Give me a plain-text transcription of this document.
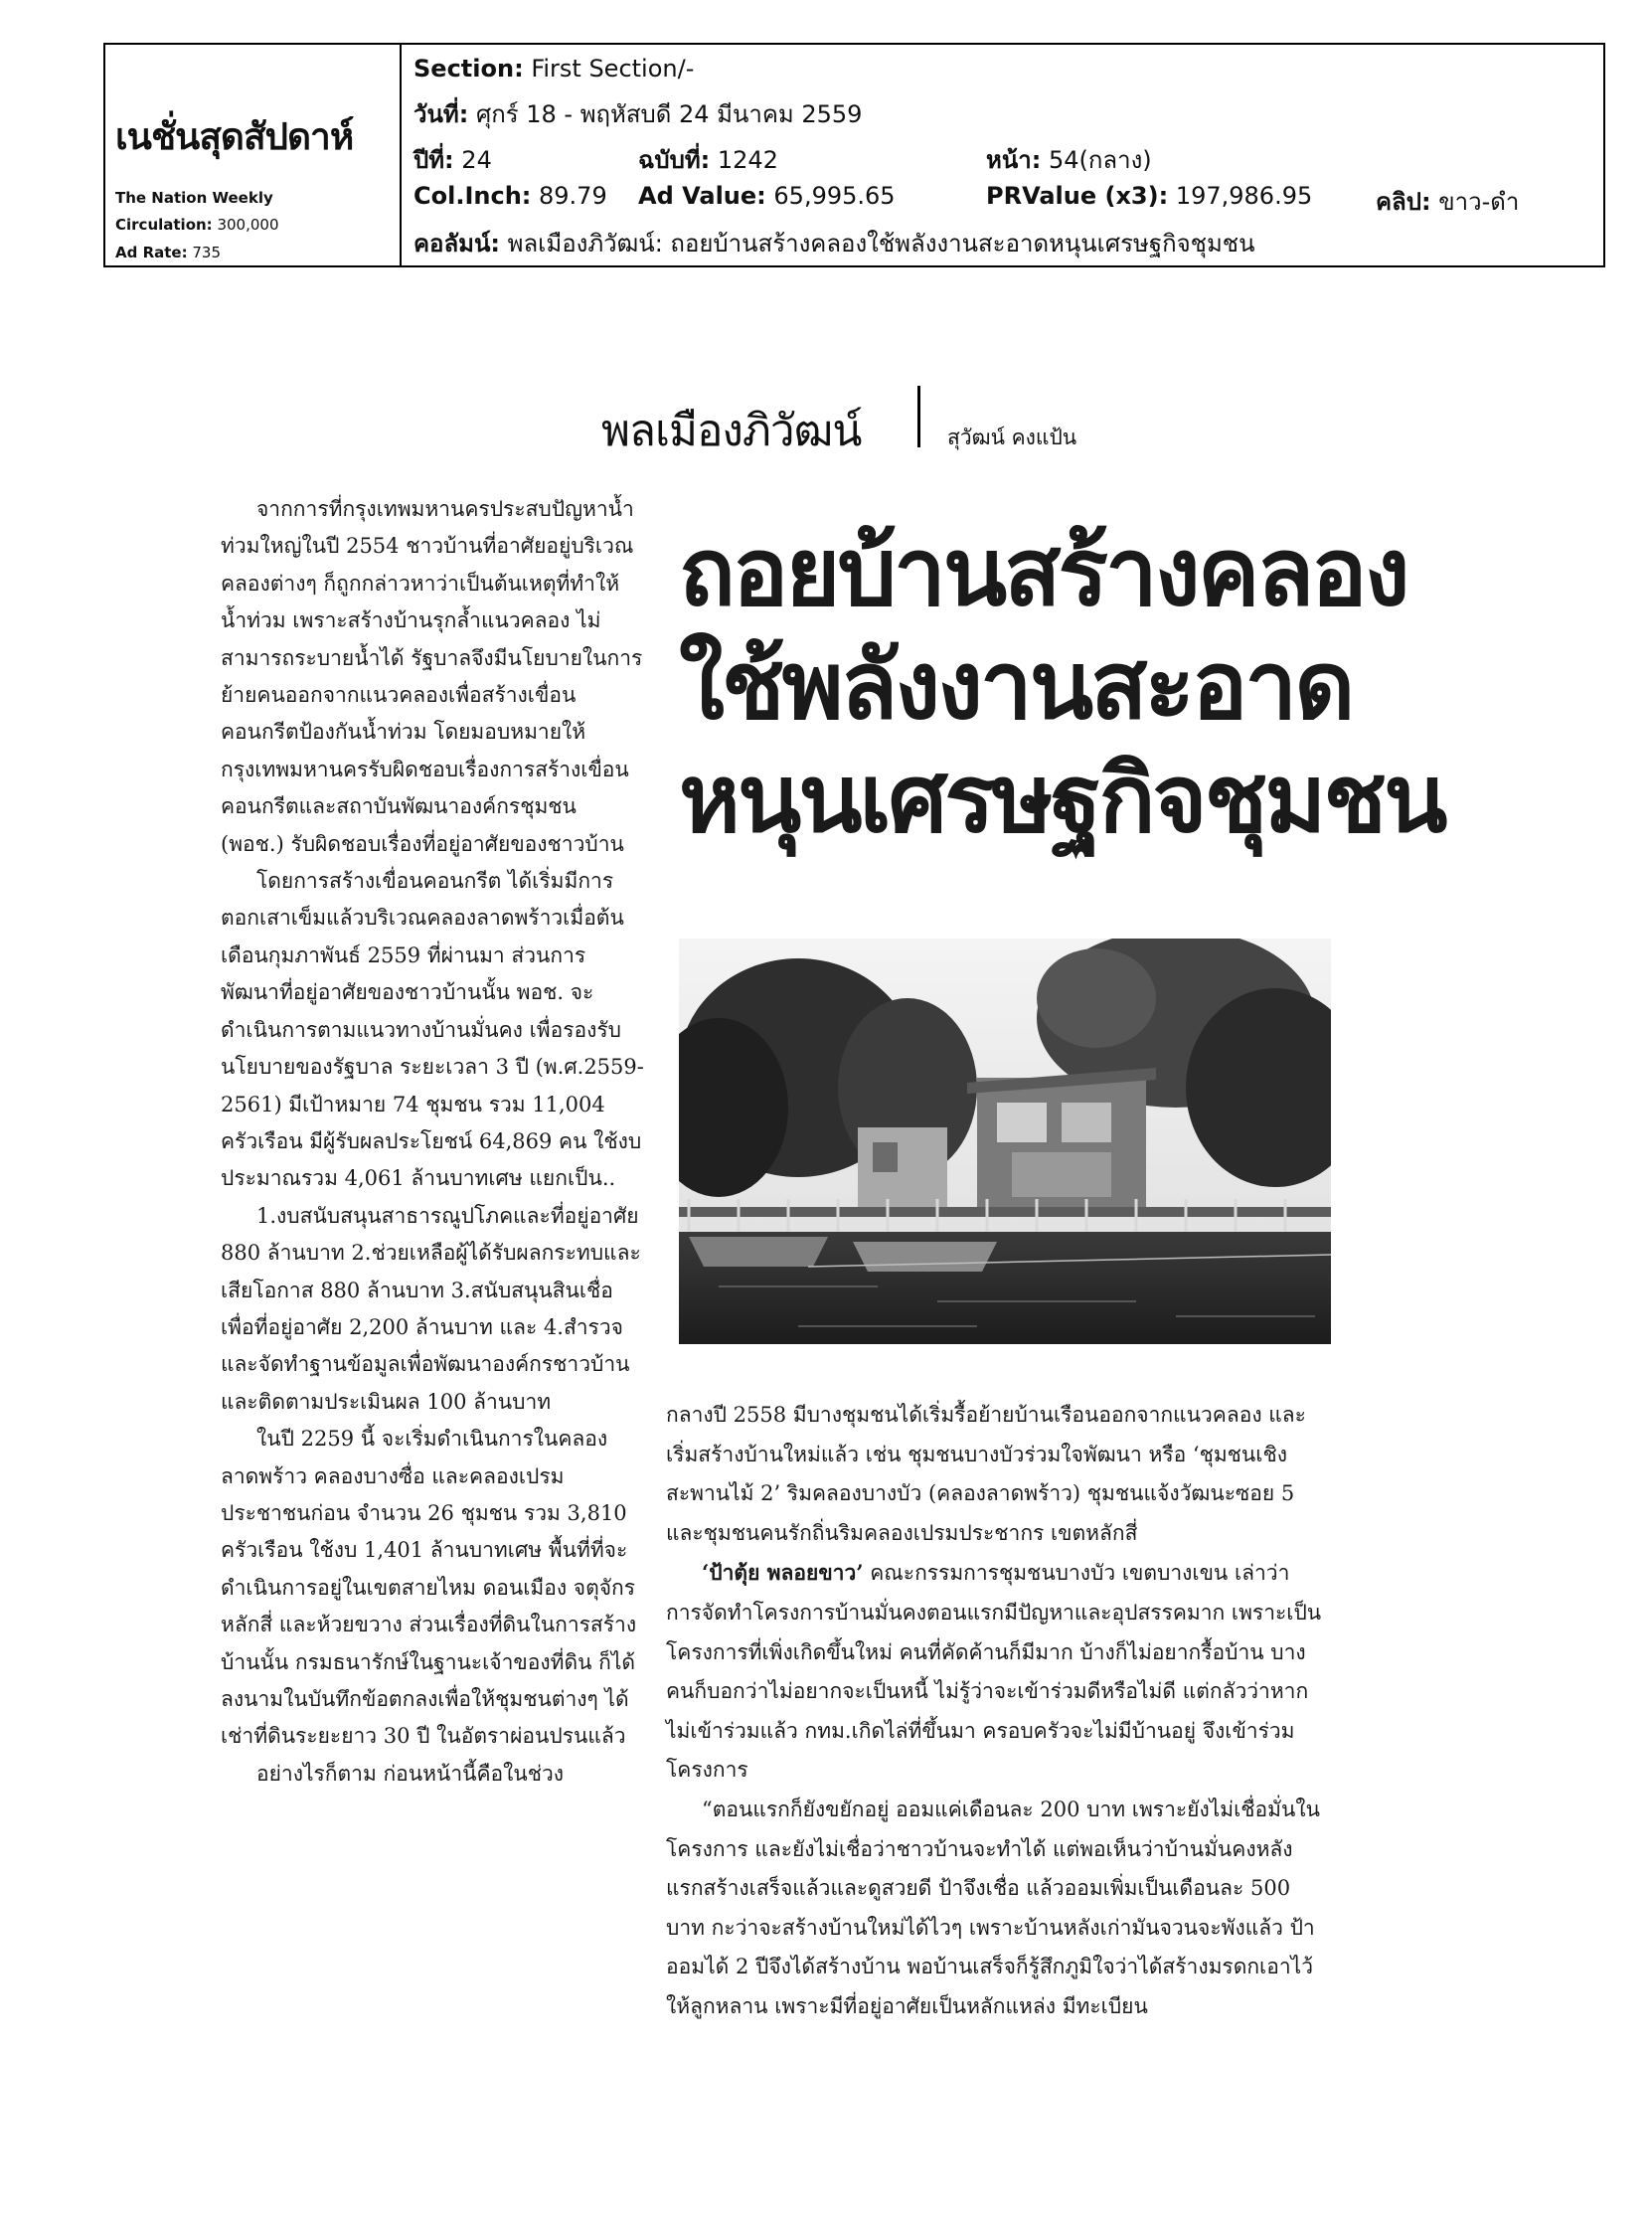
เนชั่นสุดสัปดาห์
The Nation Weekly
Circulation: 300,000
Ad Rate: 735
Section: First Section/-
วันที่: ศุกร์ 18 - พฤหัสบดี 24 มีนาคม 2559
ปีที่: 24	ฉบับที่: 1242	หน้า: 54(กลาง)
Col.Inch: 89.79 Ad Value: 65,995.65	PRValue (x3): 197,986.95	คลิป: ขาว-ดำ
คอลัมน์: พลเมืองภิวัฒน์: ถอยบ้านสร้างคลองใช้พลังงานสะอาดหนุนเศรษฐกิจชุมชน
พลเมืองภิวัฒน์	สุวัฒน์ คงแป้น
ถอยบ้านสร้างคลอง
ใช้พลังงานสะอาด
หนุนเศรษฐกิจชุมชน

จากการที่กรุงเทพมหานครประสบปัญหาน้ำท่วมใหญ่ในปี 2554 ชาวบ้านที่อาศัยอยู่บริเวณคลองต่างๆ ก็ถูกกล่าวหาว่าเป็นต้นเหตุที่ทำให้น้ำท่วม เพราะสร้างบ้านรุกล้ำแนวคลอง ไม่สามารถระบายน้ำได้ รัฐบาลจึงมีนโยบายในการย้ายคนออกจากแนวคลองเพื่อสร้างเขื่อนคอนกรีตป้องกันน้ำท่วม โดยมอบหมายให้กรุงเทพมหานครรับผิดชอบเรื่องการสร้างเขื่อนคอนกรีตและสถาบันพัฒนาองค์กรชุมชน (พอช.) รับผิดชอบเรื่องที่อยู่อาศัยของชาวบ้าน

โดยการสร้างเขื่อนคอนกรีต ได้เริ่มมีการตอกเสาเข็มแล้วบริเวณคลองลาดพร้าวเมื่อต้นเดือนกุมภาพันธ์ 2559 ที่ผ่านมา ส่วนการพัฒนาที่อยู่อาศัยของชาวบ้านนั้น พอช. จะดำเนินการตามแนวทางบ้านมั่นคง เพื่อรองรับนโยบายของรัฐบาล ระยะเวลา 3 ปี (พ.ศ.2559-2561) มีเป้าหมาย 74 ชุมชน รวม 11,004 ครัวเรือน มีผู้รับผลประโยชน์ 64,869 คน ใช้งบประมาณรวม 4,061 ล้านบาทเศษ แยกเป็น..

1.งบสนับสนุนสาธารณูปโภคและที่อยู่อาศัย 880 ล้านบาท 2.ช่วยเหลือผู้ได้รับผลกระทบและเสียโอกาส 880 ล้านบาท 3.สนับสนุนสินเชื่อเพื่อที่อยู่อาศัย 2,200 ล้านบาท และ 4.สำรวจและจัดทำฐานข้อมูลเพื่อพัฒนาองค์กรชาวบ้านและติดตามประเมินผล 100 ล้านบาท

ในปี 2259 นี้ จะเริ่มดำเนินการในคลองลาดพร้าว คลองบางซื่อ และคลองเปรมประชาชนก่อน จำนวน 26 ชุมชน รวม 3,810 ครัวเรือน ใช้งบ 1,401 ล้านบาทเศษ พื้นที่ที่จะดำเนินการอยู่ในเขตสายไหม ดอนเมือง จตุจักร หลักสี่ และห้วยขวาง ส่วนเรื่องที่ดินในการสร้างบ้านนั้น กรมธนารักษ์ในฐานะเจ้าของที่ดิน ก็ได้ลงนามในบันทึกข้อตกลงเพื่อให้ชุมชนต่างๆ ได้เช่าที่ดินระยะยาว 30 ปี ในอัตราผ่อนปรนแล้ว

อย่างไรก็ตาม ก่อนหน้านี้คือในช่วง

กลางปี 2558 มีบางชุมชนได้เริ่มรื้อย้ายบ้านเรือนออกจากแนวคลอง และเริ่มสร้างบ้านใหม่แล้ว เช่น ชุมชนบางบัวร่วมใจพัฒนา หรือ ‘ชุมชนเชิงสะพานไม้ 2’ ริมคลองบางบัว (คลองลาดพร้าว) ชุมชนแจ้งวัฒนะซอย 5 และชุมชนคนรักถิ่นริมคลองเปรมประชากร เขตหลักสี่

‘ป้าตุ้ย พลอยขาว’ คณะกรรมการชุมชนบางบัว เขตบางเขน เล่าว่า การจัดทำโครงการบ้านมั่นคงตอนแรกมีปัญหาและอุปสรรคมาก เพราะเป็นโครงการที่เพิ่งเกิดขึ้นใหม่ คนที่คัดค้านก็มีมาก บ้างก็ไม่อยากรื้อบ้าน บางคนก็บอกว่าไม่อยากจะเป็นหนี้ ไม่รู้ว่าจะเข้าร่วมดีหรือไม่ดี แต่กลัวว่าหากไม่เข้าร่วมแล้ว กทม.เกิดไล่ที่ขึ้นมา ครอบครัวจะไม่มีบ้านอยู่ จึงเข้าร่วมโครงการ

“ตอนแรกก็ยังขยักอยู่ ออมแค่เดือนละ 200 บาท เพราะยังไม่เชื่อมั่นในโครงการ และยังไม่เชื่อว่าชาวบ้านจะทำได้ แต่พอเห็นว่าบ้านมั่นคงหลังแรกสร้างเสร็จแล้วและดูสวยดี ป้าจึงเชื่อ แล้วออมเพิ่มเป็นเดือนละ 500 บาท กะว่าจะสร้างบ้านใหม่ได้ไวๆ เพราะบ้านหลังเก่ามันจวนจะพังแล้ว ป้าออมได้ 2 ปีจึงได้สร้างบ้าน พอบ้านเสร็จก็รู้สึกภูมิใจว่าได้สร้างมรดกเอาไว้ให้ลูกหลาน เพราะมีที่อยู่อาศัยเป็นหลักแหล่ง มีทะเบียน
